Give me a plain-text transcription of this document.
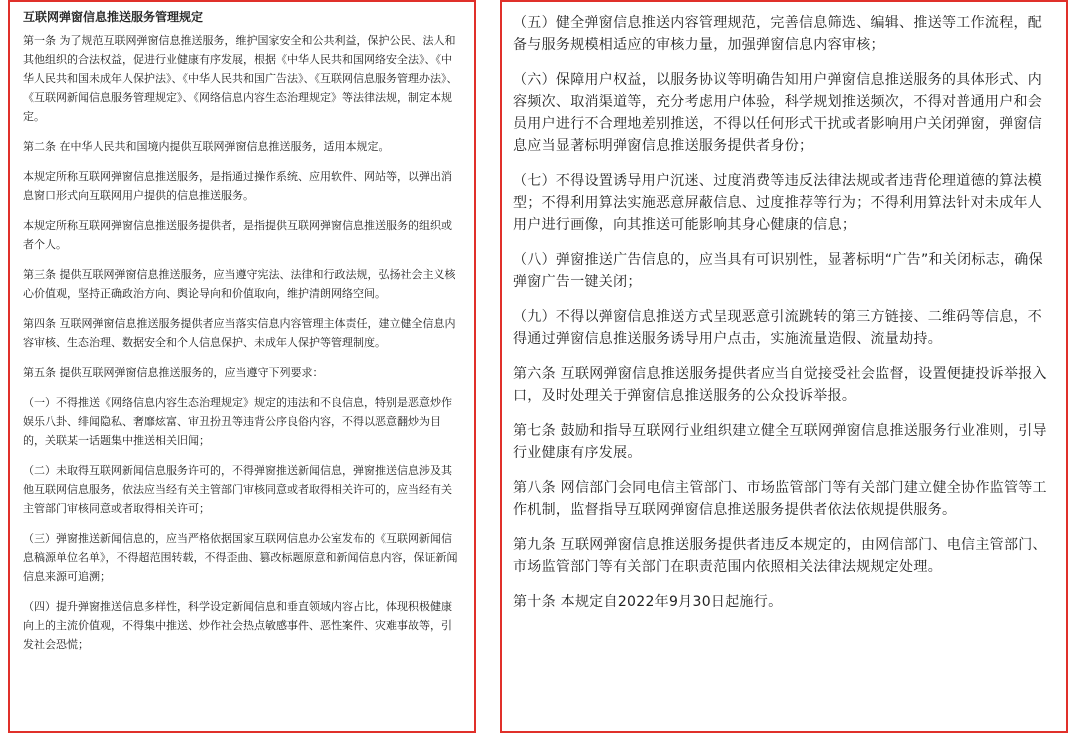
互联网弹窗信息推送服务管理规定

第一条 为了规范互联网弹窗信息推送服务，维护国家安全和公共利益，保护公民、法人和其他组织的合法权益，促进行业健康有序发展，根据《中华人民共和国网络安全法》、《中华人民共和国未成年人保护法》、《中华人民共和国广告法》、《互联网信息服务管理办法》、《互联网新闻信息服务管理规定》、《网络信息内容生态治理规定》等法律法规，制定本规定。

第二条 在中华人民共和国境内提供互联网弹窗信息推送服务，适用本规定。

本规定所称互联网弹窗信息推送服务，是指通过操作系统、应用软件、网站等，以弹出消息窗口形式向互联网用户提供的信息推送服务。

本规定所称互联网弹窗信息推送服务提供者，是指提供互联网弹窗信息推送服务的组织或者个人。

第三条 提供互联网弹窗信息推送服务，应当遵守宪法、法律和行政法规，弘扬社会主义核心价值观，坚持正确政治方向、舆论导向和价值取向，维护清朗网络空间。

第四条 互联网弹窗信息推送服务提供者应当落实信息内容管理主体责任，建立健全信息内容审核、生态治理、数据安全和个人信息保护、未成年人保护等管理制度。

第五条 提供互联网弹窗信息推送服务的，应当遵守下列要求：

（一）不得推送《网络信息内容生态治理规定》规定的违法和不良信息，特别是恶意炒作娱乐八卦、绯闻隐私、奢靡炫富、审丑扮丑等违背公序良俗内容，不得以恶意翻炒为目的，关联某一话题集中推送相关旧闻；

（二）未取得互联网新闻信息服务许可的，不得弹窗推送新闻信息，弹窗推送信息涉及其他互联网信息服务，依法应当经有关主管部门审核同意或者取得相关许可的，应当经有关主管部门审核同意或者取得相关许可；

（三）弹窗推送新闻信息的，应当严格依据国家互联网信息办公室发布的《互联网新闻信息稿源单位名单》，不得超范围转载，不得歪曲、篡改标题原意和新闻信息内容，保证新闻信息来源可追溯；

（四）提升弹窗推送信息多样性，科学设定新闻信息和垂直领域内容占比，体现积极健康向上的主流价值观，不得集中推送、炒作社会热点敏感事件、恶性案件、灾难事故等，引发社会恐慌；

（五）健全弹窗信息推送内容管理规范，完善信息筛选、编辑、推送等工作流程，配备与服务规模相适应的审核力量，加强弹窗信息内容审核；

（六）保障用户权益，以服务协议等明确告知用户弹窗信息推送服务的具体形式、内容频次、取消渠道等，充分考虑用户体验，科学规划推送频次，不得对普通用户和会员用户进行不合理地差别推送，不得以任何形式干扰或者影响用户关闭弹窗，弹窗信息应当显著标明弹窗信息推送服务提供者身份；

（七）不得设置诱导用户沉迷、过度消费等违反法律法规或者违背伦理道德的算法模型；不得利用算法实施恶意屏蔽信息、过度推荐等行为；不得利用算法针对未成年人用户进行画像，向其推送可能影响其身心健康的信息；

（八）弹窗推送广告信息的，应当具有可识别性，显著标明“广告”和关闭标志，确保弹窗广告一键关闭；

（九）不得以弹窗信息推送方式呈现恶意引流跳转的第三方链接、二维码等信息，不得通过弹窗信息推送服务诱导用户点击，实施流量造假、流量劫持。

第六条 互联网弹窗信息推送服务提供者应当自觉接受社会监督，设置便捷投诉举报入口，及时处理关于弹窗信息推送服务的公众投诉举报。

第七条 鼓励和指导互联网行业组织建立健全互联网弹窗信息推送服务行业准则，引导行业健康有序发展。

第八条 网信部门会同电信主管部门、市场监管部门等有关部门建立健全协作监管等工作机制，监督指导互联网弹窗信息推送服务提供者依法依规提供服务。

第九条 互联网弹窗信息推送服务提供者违反本规定的，由网信部门、电信主管部门、市场监管部门等有关部门在职责范围内依照相关法律法规规定处理。

第十条 本规定自2022年9月30日起施行。
